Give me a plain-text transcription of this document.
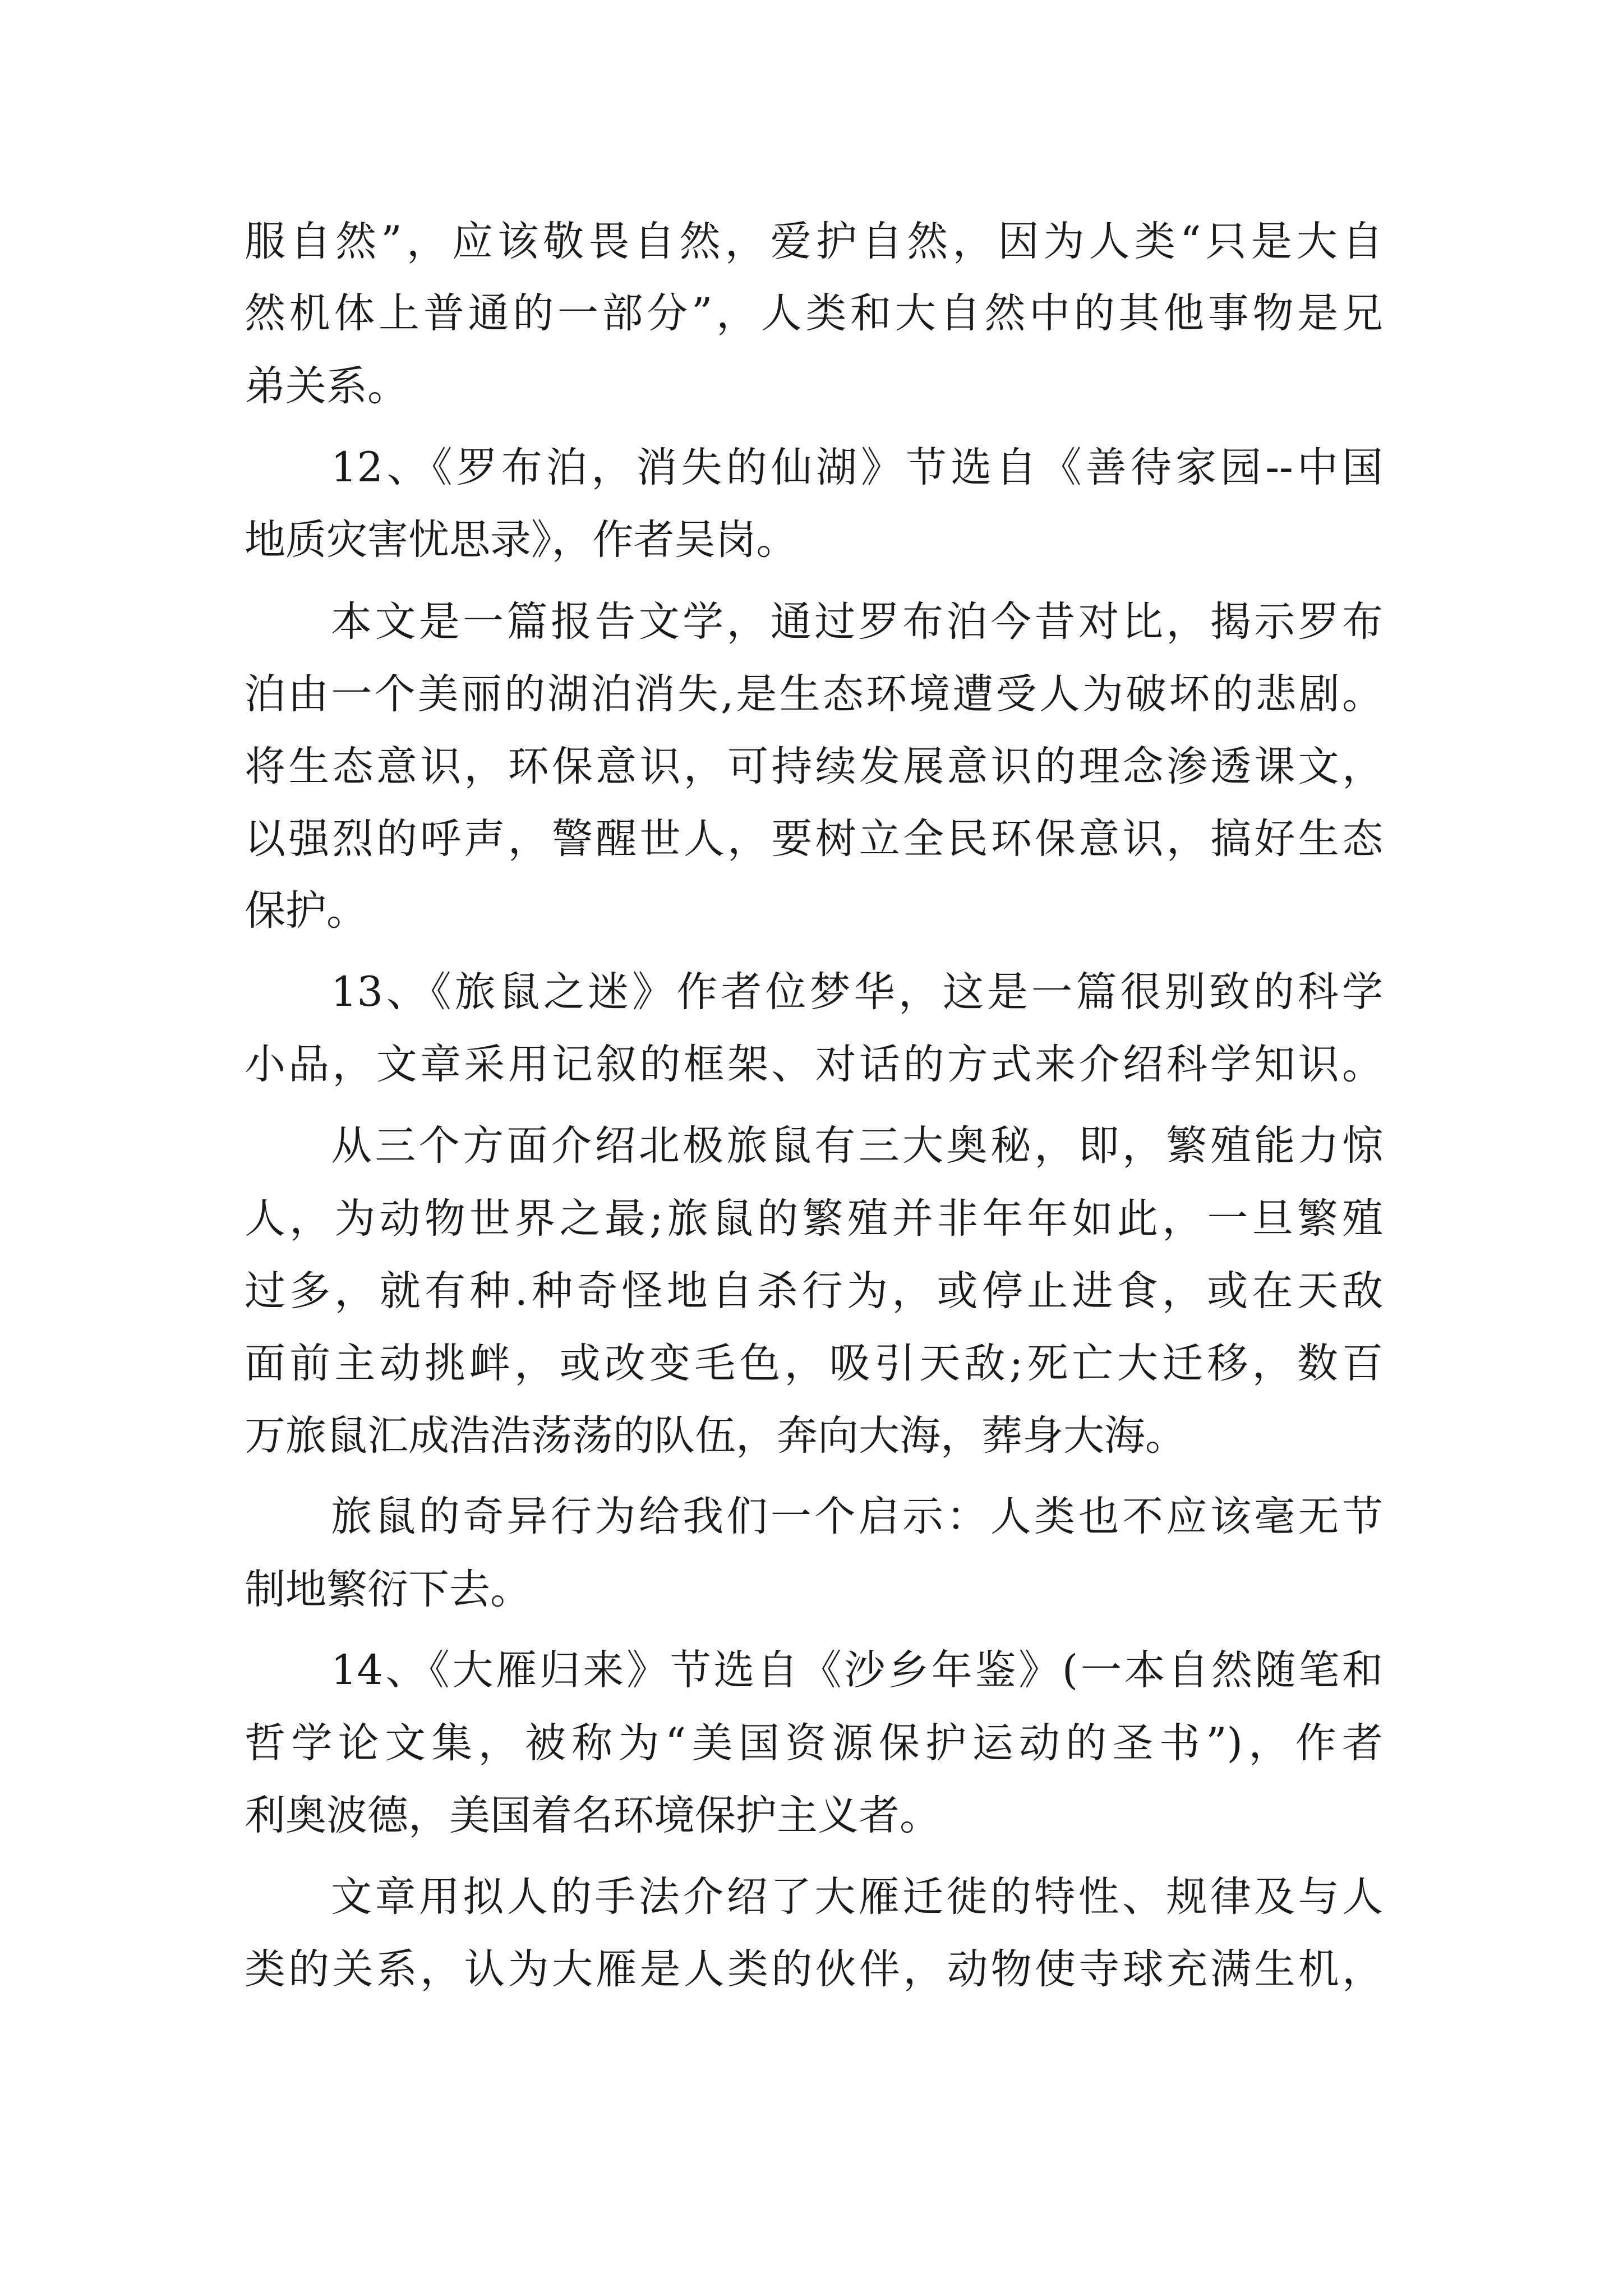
服自然”，应该敬畏自然，爱护自然，因为人类“只是大自
然机体上普通的一部分”，人类和大自然中的其他事物是兄
弟关系。
12、《罗布泊，消失的仙湖》节选自《善待家园--中国
地质灾害忧思录》，作者吴岗。
本文是一篇报告文学，通过罗布泊今昔对比，揭示罗布
泊由一个美丽的湖泊消失,是生态环境遭受人为破坏的悲剧。
将生态意识，环保意识，可持续发展意识的理念渗透课文，
以强烈的呼声，警醒世人，要树立全民环保意识，搞好生态
保护。
13、《旅鼠之迷》作者位梦华，这是一篇很别致的科学
小品，文章采用记叙的框架、对话的方式来介绍科学知识。
从三个方面介绍北极旅鼠有三大奥秘，即，繁殖能力惊
人，为动物世界之最;旅鼠的繁殖并非年年如此，一旦繁殖
过多，就有种.种奇怪地自杀行为，或停止进食，或在天敌
面前主动挑衅，或改变毛色，吸引天敌;死亡大迁移，数百
万旅鼠汇成浩浩荡荡的队伍，奔向大海，葬身大海。
旅鼠的奇异行为给我们一个启示：人类也不应该毫无节
制地繁衍下去。
14、《大雁归来》节选自《沙乡年鉴》(一本自然随笔和
哲学论文集，被称为“美国资源保护运动的圣书”)，作者
利奥波德，美国着名环境保护主义者。
文章用拟人的手法介绍了大雁迁徙的特性、规律及与人
类的关系，认为大雁是人类的伙伴，动物使寺球充满生机，
